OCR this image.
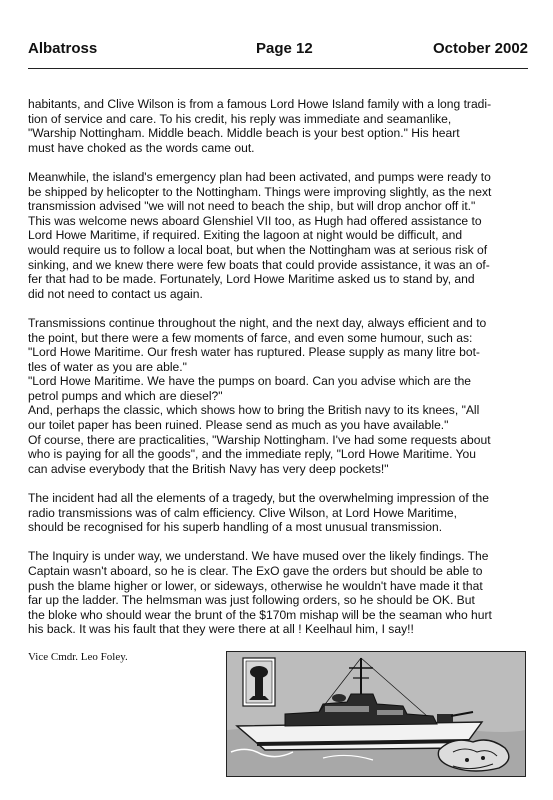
Albatross	Page 12	October 2002

habitants, and Clive Wilson is from a famous Lord Howe Island family with a long tradi-
tion of service and care. To his credit, his reply was immediate and seamanlike,
"Warship Nottingham. Middle beach. Middle beach is your best option." His heart
must have choked as the words came out.

Meanwhile, the island's emergency plan had been activated, and pumps were ready to
be shipped by helicopter to the Nottingham. Things were improving slightly, as the next
transmission advised "we will not need to beach the ship, but will drop anchor off it."
This was welcome news aboard Glenshiel VII too, as Hugh had offered assistance to
Lord Howe Maritime, if required. Exiting the lagoon at night would be difficult, and
would require us to follow a local boat, but when the Nottingham was at serious risk of
sinking, and we knew there were few boats that could provide assistance, it was an of-
fer that had to be made. Fortunately, Lord Howe Maritime asked us to stand by, and
did not need to contact us again.

Transmissions continue throughout the night, and the next day, always efficient and to
the point, but there were a few moments of farce, and even some humour, such as:
"Lord Howe Maritime. Our fresh water has ruptured. Please supply as many litre bot-
tles of water as you are able."
"Lord Howe Maritime. We have the pumps on board. Can you advise which are the
petrol pumps and which are diesel?"
And, perhaps the classic, which shows how to bring the British navy to its knees, "All
our toilet paper has been ruined. Please send as much as you have available."
Of course, there are practicalities, "Warship Nottingham. I've had some requests about
who is paying for all the goods", and the immediate reply, "Lord Howe Maritime. You
can advise everybody that the British Navy has very deep pockets!"

The incident had all the elements of a tragedy, but the overwhelming impression of the
radio transmissions was of calm efficiency. Clive Wilson, at Lord Howe Maritime,
should be recognised for his superb handling of a most unusual transmission.

The Inquiry is under way, we understand. We have mused over the likely findings. The
Captain wasn't aboard, so he is clear. The ExO gave the orders but should be able to
push the blame higher or lower, or sideways, otherwise he wouldn't have made it that
far up the ladder. The helmsman was just following orders, so he should be OK. But
the bloke who should wear the brunt of the $170m mishap will be the seaman who hurt
his back. It was his fault that they were there at all ! Keelhaul him, I say!!

Vice Cmdr. Leo Foley.
